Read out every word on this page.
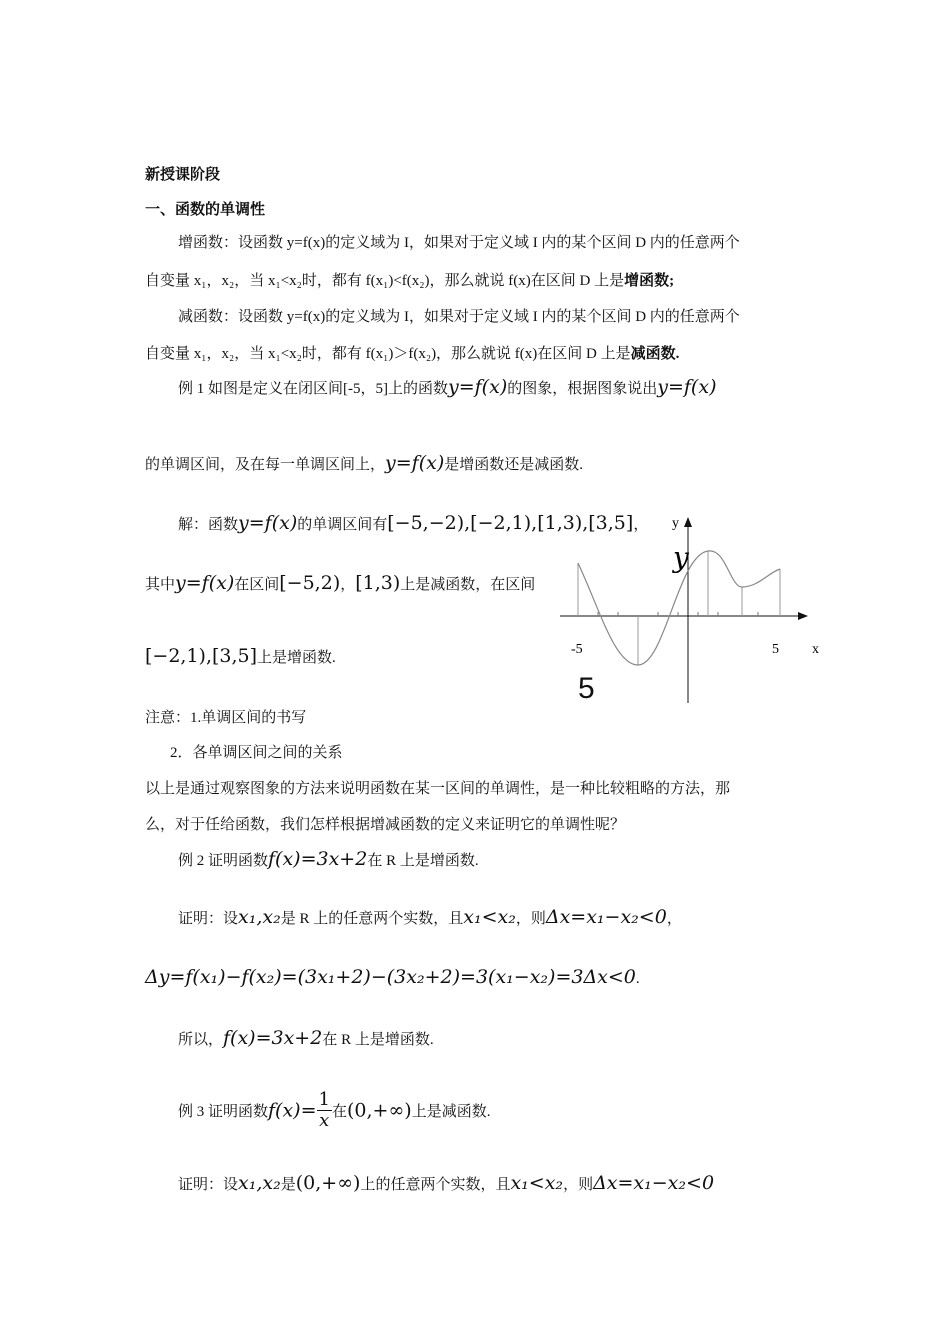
新授课阶段
一、函数的单调性
增函数：设函数 y=f(x)的定义域为 I，如果对于定义域 I 内的某个区间 D 内的任意两个
自变量 x₁，x₂，当 x₁<x₂时，都有 f(x₁)<f(x₂)，那么就说 f(x)在区间 D 上是增函数;
减函数：设函数 y=f(x)的定义域为 I，如果对于定义域 I 内的某个区间 D 内的任意两个
自变量 x₁，x₂，当 x₁<x₂时，都有 f(x₁)＞f(x₂)，那么就说 f(x)在区间 D 上是减函数.
例 1 如图是定义在闭区间[-5，5]上的函数y=f(x)的图象，根据图象说出y=f(x)
的单调区间，及在每一单调区间上，y=f(x)是增函数还是减函数.
解：函数y=f(x)的单调区间有[−5,−2),[−2,1),[1,3),[3,5]，
其中y=f(x)在区间[−5,2)，[1,3)上是减函数，在区间
[−2,1),[3,5]上是增函数.
y
x
-5	5
y
5
注意：1.单调区间的书写
2．各单调区间之间的关系
以上是通过观察图象的方法来说明函数在某一区间的单调性，是一种比较粗略的方法，那
么，对于任给函数，我们怎样根据增减函数的定义来证明它的单调性呢？
例 2 证明函数f(x)=3x+2在 R 上是增函数.
证明：设x₁,x₂是 R 上的任意两个实数，且x₁<x₂，则Δx=x₁−x₂<0，
Δy=f(x₁)−f(x₂)=(3x₁+2)−(3x₂+2)=3(x₁−x₂)=3Δx<0.
所以，f(x)=3x+2在 R 上是增函数.
例 3 证明函数$f(x)= \frac{1}{x}$ 在(0,+∞)上是减函数.
证明：设x₁,x₂是(0,+∞)上的任意两个实数，且x₁<x₂，则Δx=x₁−x₂<0
